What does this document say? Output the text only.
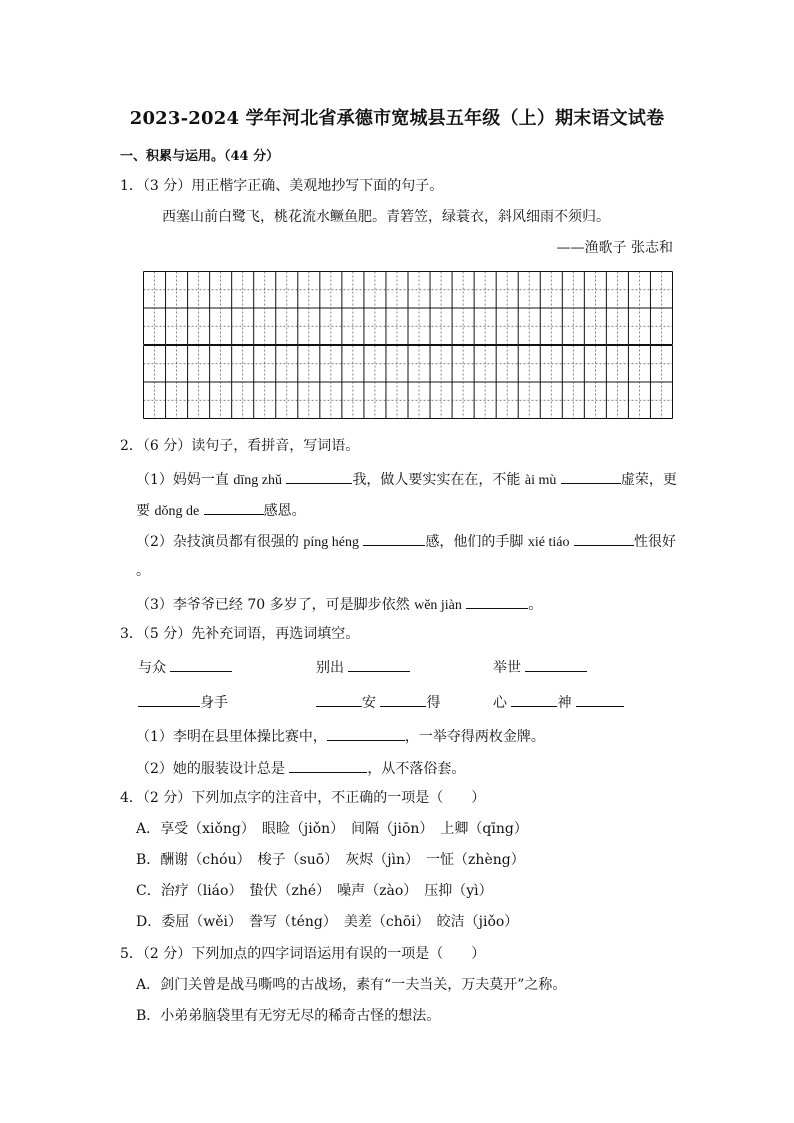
2023-2024 学年河北省承德市宽城县五年级（上）期末语文试卷
一、积累与运用。（44 分）
1．（3 分）用正楷字正确、美观地抄写下面的句子。
西塞山前白鹭飞，桃花流水鳜鱼肥。青箬笠，绿蓑衣，斜风细雨不须归。
——渔歌子 张志和
2．（6 分）读句子，看拼音，写词语。
（1）妈妈一直 dīng zhǔ	我，做人要实实在在，不能 ài mù	虚荣，更
要 dǒng de	感恩。
（2）杂技演员都有很强的 píng héng	感，他们的手脚 xié tiáo	性很好
。
（3）李爷爷已经 70 多岁了，可是脚步依然 wěn jiàn	。
3．（5 分）先补充词语，再选词填空。
与众	别出	举世
身手	安	得	心	神
（1）李明在县里体操比赛中，	，一举夺得两枚金牌。
（2）她的服装设计总是	，从不落俗套。
4．（2 分）下列加点字的注音中，不正确的一项是（　　）
A．享受（xiǒng）　眼睑（jiǒn）　间隔（jiōn）　上卿（qīng）
B．酬谢（chóu）　梭子（suō）　灰烬（jìn）　一怔（zhèng）
C．治疗（liáo）　蛰伏（zhé）　噪声（zào）　压抑（yì）
D．委屈（wěi）　誊写（téng）　美差（chōi）　皎洁（jiǒo）
5．（2 分）下列加点的四字词语运用有误的一项是（　　）
A．剑门关曾是战马嘶鸣的古战场，素有“一夫当关，万夫莫开”之称。
B．小弟弟脑袋里有无穷无尽的稀奇古怪的想法。
